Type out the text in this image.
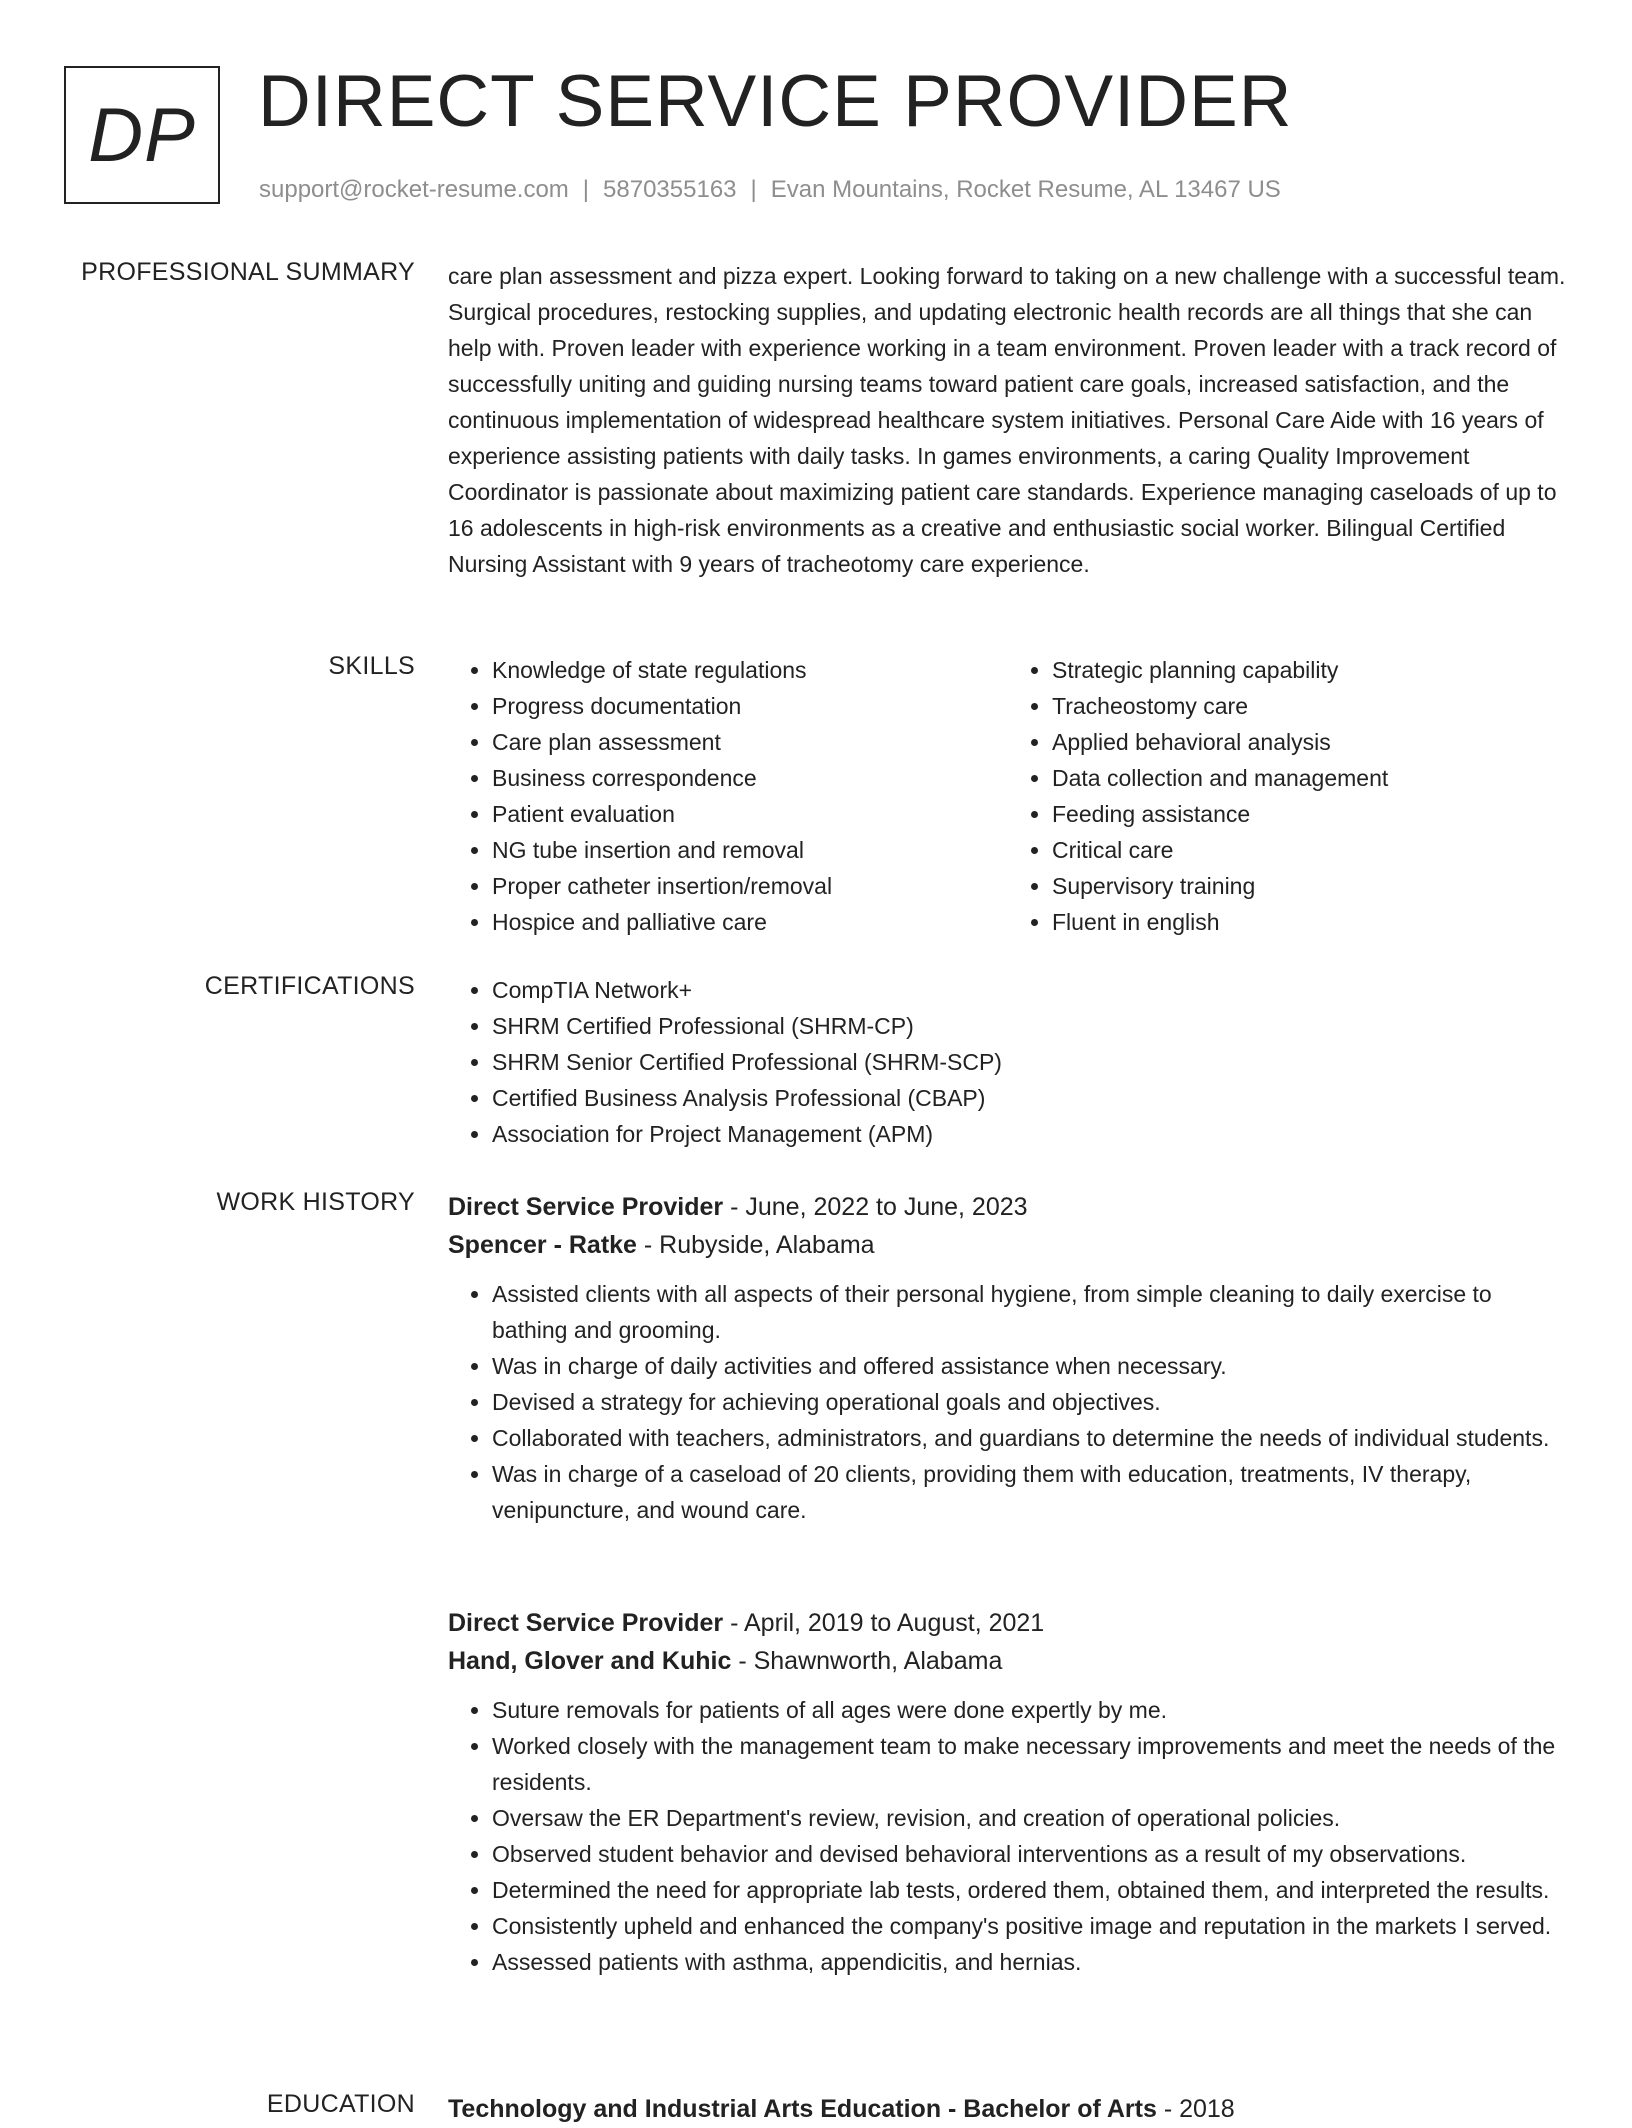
DP DIRECT SERVICE PROVIDER
support@rocket-resume.com | 5870355163 | Evan Mountains, Rocket Resume, AL 13467 US
PROFESSIONAL SUMMARY care plan assessment and pizza expert. Looking forward to taking on a new challenge with a successful team. Surgical procedures, restocking supplies, and updating electronic health records are all things that she can help with. Proven leader with experience working in a team environment. Proven leader with a track record of successfully uniting and guiding nursing teams toward patient care goals, increased satisfaction, and the continuous implementation of widespread healthcare system initiatives. Personal Care Aide with 16 years of experience assisting patients with daily tasks. In games environments, a caring Quality Improvement Coordinator is passionate about maximizing patient care standards. Experience managing caseloads of up to 16 adolescents in high-risk environments as a creative and enthusiastic social worker. Bilingual Certified Nursing Assistant with 9 years of tracheotomy care experience.

SKILLS	• Knowledge of state regulations
• Progress documentation
• Care plan assessment
• Business correspondence
• Patient evaluation
• NG tube insertion and removal
• Proper catheter insertion/removal
• Hospice and palliative care
• Strategic planning capability
• Tracheostomy care
• Applied behavioral analysis
• Data collection and management
• Feeding assistance
• Critical care
• Supervisory training
• Fluent in english
CERTIFICATIONS	• CompTIA Network+
• SHRM Certified Professional (SHRM-CP)
• SHRM Senior Certified Professional (SHRM-SCP)
• Certified Business Analysis Professional (CBAP)
• Association for Project Management (APM)
WORK HISTORY Direct Service Provider - June, 2022 to June, 2023
Spencer - Ratke - Rubyside, Alabama
• Assisted clients with all aspects of their personal hygiene, from simple cleaning to daily exercise to bathing and grooming.
• Was in charge of daily activities and offered assistance when necessary.
• Devised a strategy for achieving operational goals and objectives.
• Collaborated with teachers, administrators, and guardians to determine the needs of individual students.
• Was in charge of a caseload of 20 clients, providing them with education, treatments, IV therapy, venipuncture, and wound care.
Direct Service Provider - April, 2019 to August, 2021
Hand, Glover and Kuhic - Shawnworth, Alabama
• Suture removals for patients of all ages were done expertly by me.
• Worked closely with the management team to make necessary improvements and meet the needs of the residents.
• Oversaw the ER Department's review, revision, and creation of operational policies.
• Observed student behavior and devised behavioral interventions as a result of my observations.
• Determined the need for appropriate lab tests, ordered them, obtained them, and interpreted the results.
• Consistently upheld and enhanced the company's positive image and reputation in the markets I served.
• Assessed patients with asthma, appendicitis, and hernias.
EDUCATION Technology and Industrial Arts Education - Bachelor of Arts - 2018
